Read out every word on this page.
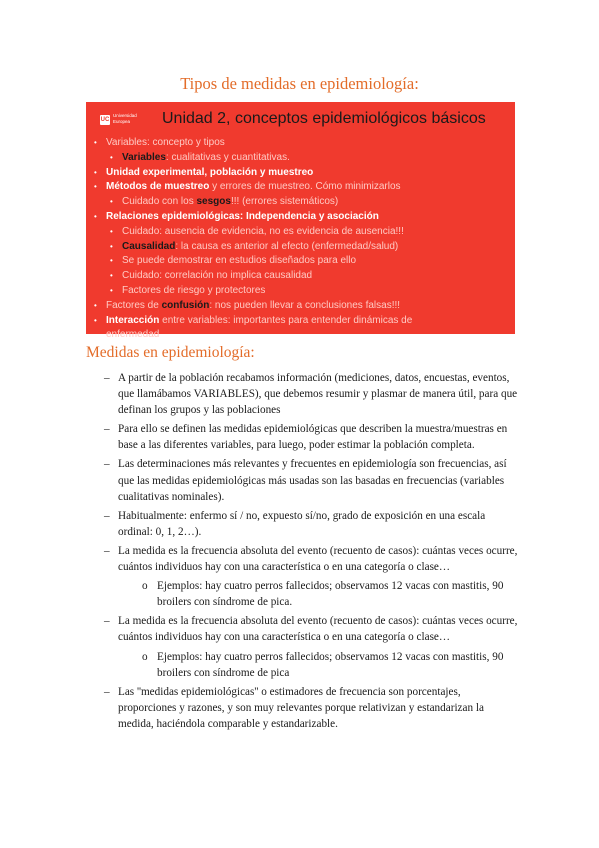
Tipos de medidas en epidemiología:
UC
Universidad
Europea	Unidad 2, conceptos epidemiológicos básicos
• Variables: concepto y tipos
• Variables: cualitativas y cuantitativas.
• Unidad experimental, población y muestreo
• Métodos de muestreo y errores de muestreo. Cómo minimizarlos
• Cuidado con los sesgos!!! (errores sistemáticos)
• Relaciones epidemiológicas: Independencia y asociación
• Cuidado: ausencia de evidencia, no es evidencia de ausencia!!!
• Causalidad: la causa es anterior al efecto (enfermedad/salud)
• Se puede demostrar en estudios diseñados para ello
• Cuidado: correlación no implica causalidad
• Factores de riesgo y protectores
• Factores de confusión: nos pueden llevar a conclusiones falsas!!!
• Interacción entre variables: importantes para entender dinámicas de
enfermedad
Medidas en epidemiología:
– A partir de la población recabamos información (mediciones, datos, encuestas, eventos, que llamábamos VARIABLES), que debemos resumir y plasmar de manera útil, para que definan los grupos y las poblaciones
– Para ello se definen las medidas epidemiológicas que describen la muestra/muestras en base a las diferentes variables, para luego, poder estimar la población completa.
– Las determinaciones más relevantes y frecuentes en epidemiología son frecuencias, así que las medidas epidemiológicas más usadas son las basadas en frecuencias (variables cualitativas nominales).
– Habitualmente: enfermo sí / no, expuesto sí/no, grado de exposición en una escala ordinal: 0, 1, 2…).
– La medida es la frecuencia absoluta del evento (recuento de casos): cuántas veces ocurre, cuántos individuos hay con una característica o en una categoría o clase…
o Ejemplos: hay cuatro perros fallecidos; observamos 12 vacas con mastitis, 90 broilers con síndrome de pica.
– La medida es la frecuencia absoluta del evento (recuento de casos): cuántas veces ocurre, cuántos individuos hay con una característica o en una categoría o clase…
o Ejemplos: hay cuatro perros fallecidos; observamos 12 vacas con mastitis, 90 broilers con síndrome de pica
– Las ''medidas epidemiológicas'' o estimadores de frecuencia son porcentajes, proporciones y razones, y son muy relevantes porque relativizan y estandarizan la medida, haciéndola comparable y estandarizable.
